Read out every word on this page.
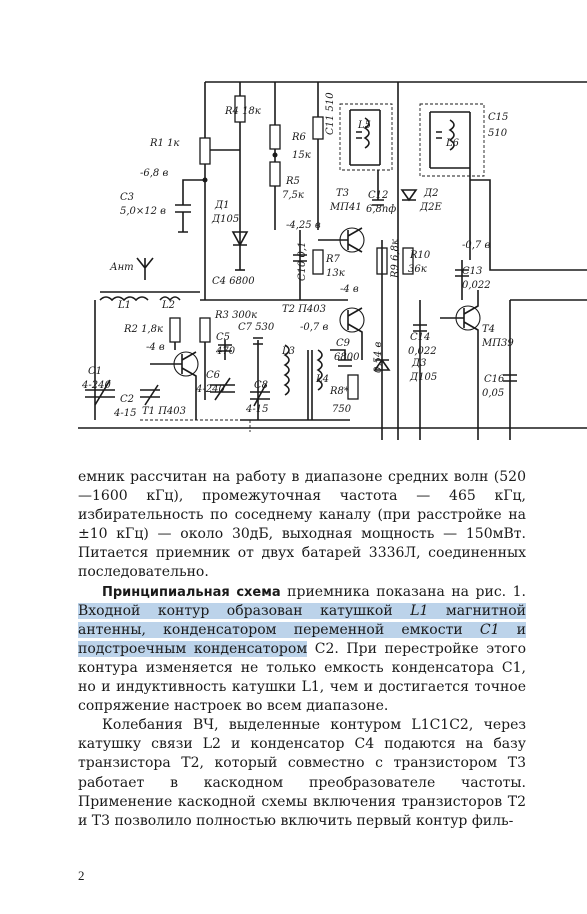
R1 1к
R4 18к
R6
15к
R5
7,5к
C11 510 L5
T3
МП41
C12
6,8пф
Д2
Д2Е
C15
510
L6
-6,8 в
C3
5,0×12 в
Д1
Д105
-4,25 в
C10 0,1 R7
13к
-4 в
R9 6,8к R10
36к
-0,7 в
C13
0,022
Ант
L1	L2
C4 6800
R2 1,8к
-4 в
R3 300к
T2 П403
-0,7 в	T4
МП39
C5
470
C7 530
L3
C9
6800
L4
R8*
750
0,54 в
C14
0,022
Д3
Д105
C6
4-240
C1
4-240
C2
4-15
C8
4-15
C16
0,05
T1 П403

емник рассчитан на работу в диапазоне средних волн (520—1600 кГц), промежуточная частота — 465 кГц, избирательность по соседнему каналу (при расстройке на ±10 кГц) — около 30дБ, выходная мощность — 150мВт. Питается приемник от двух батарей 3336Л, соединенных последовательно.

Принципиальная схема приемника показана на рис. 1. Входной контур образован катушкой L1 магнитной антенны, конденсатором переменной емкости C1 и подстроечным конденсатором C2. При перестройке этого контура изменяется не только емкость конденсатора C1, но и индуктивность катушки L1, чем и достигается точное сопряжение настроек во всем диапазоне.

Колебания ВЧ, выделенные контуром L1C1C2, через катушку связи L2 и конденсатор C4 подаются на базу транзистора T2, который совместно с транзистором T3 работает в каскодном преобразователе частоты. Применение каскодной схемы включения транзисторов T2 и T3 позволило полностью включить первый контур филь-

2
